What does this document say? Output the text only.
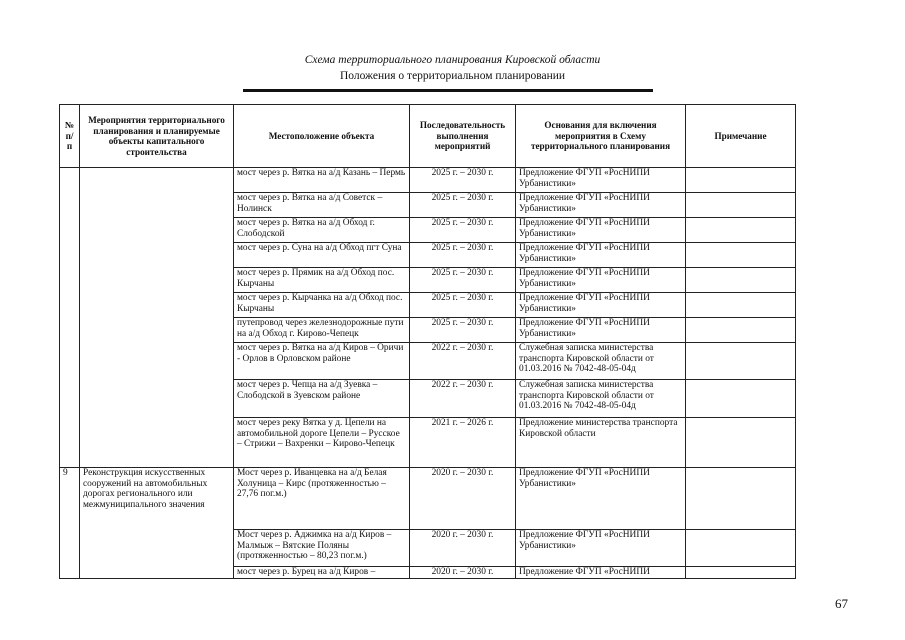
Схема территориального планирования Кировской области
Положения о территориальном планировании
№ п/п	Мероприятия территориального планирования и планируемые объекты капитального строительства	Местоположение объекта	Последовательность выполнения мероприятий	Основания для включения мероприятия в Схему территориального планирования	Примечание
		мост через р. Вятка на а/д Казань – Пермь	2025 г. – 2030 г.	Предложение ФГУП «РосНИПИ Урбанистики»	
		мост через р. Вятка на а/д Советск – Нолинск	2025 г. – 2030 г.	Предложение ФГУП «РосНИПИ Урбанистики»	
		мост через р. Вятка на а/д Обход г. Слободской	2025 г. – 2030 г.	Предложение ФГУП «РосНИПИ Урбанистики»	
		мост через р. Суна на а/д Обход пгт Суна	2025 г. – 2030 г.	Предложение ФГУП «РосНИПИ Урбанистики»	
		мост через р. Прямик на а/д Обход пос. Кырчаны	2025 г. – 2030 г.	Предложение ФГУП «РосНИПИ Урбанистики»	
		мост через р. Кырчанка на а/д Обход пос. Кырчаны	2025 г. – 2030 г.	Предложение ФГУП «РосНИПИ Урбанистики»	
		путепровод через железнодорожные пути на а/д Обход г. Кирово-Чепецк	2025 г. – 2030 г.	Предложение ФГУП «РосНИПИ Урбанистики»	
		мост через р. Вятка на а/д Киров – Оричи - Орлов в Орловском районе	2022 г. – 2030 г.	Служебная записка министерства транспорта Кировской области от 01.03.2016 № 7042-48-05-04д	
		мост через р. Чепца на а/д Зуевка – Слободской в Зуевском районе	2022 г. – 2030 г.	Служебная записка министерства транспорта Кировской области от 01.03.2016 № 7042-48-05-04д	
		мост через реку Вятка у д. Цепели на автомобильной дороге Цепели – Русское – Стрижи – Вахренки – Кирово-Чепецк	2021 г. – 2026 г.	Предложение министерства транспорта Кировской области	
9	Реконструкция искусственных сооружений на автомобильных дорогах регионального или межмуниципального значения	Мост через р. Иванцевка на а/д Белая Холуница – Кирс (протяженностью – 27,76 пог.м.)	2020 г. – 2030 г.	Предложение ФГУП «РосНИПИ Урбанистики»	
		Мост через р. Аджимка на а/д Киров – Малмыж – Вятские Поляны (протяженностью – 80,23 пог.м.)	2020 г. – 2030 г.	Предложение ФГУП «РосНИПИ Урбанистики»	
		мост через р. Бурец на а/д Киров –	2020 г. – 2030 г.	Предложение ФГУП «РосНИПИ	
67
